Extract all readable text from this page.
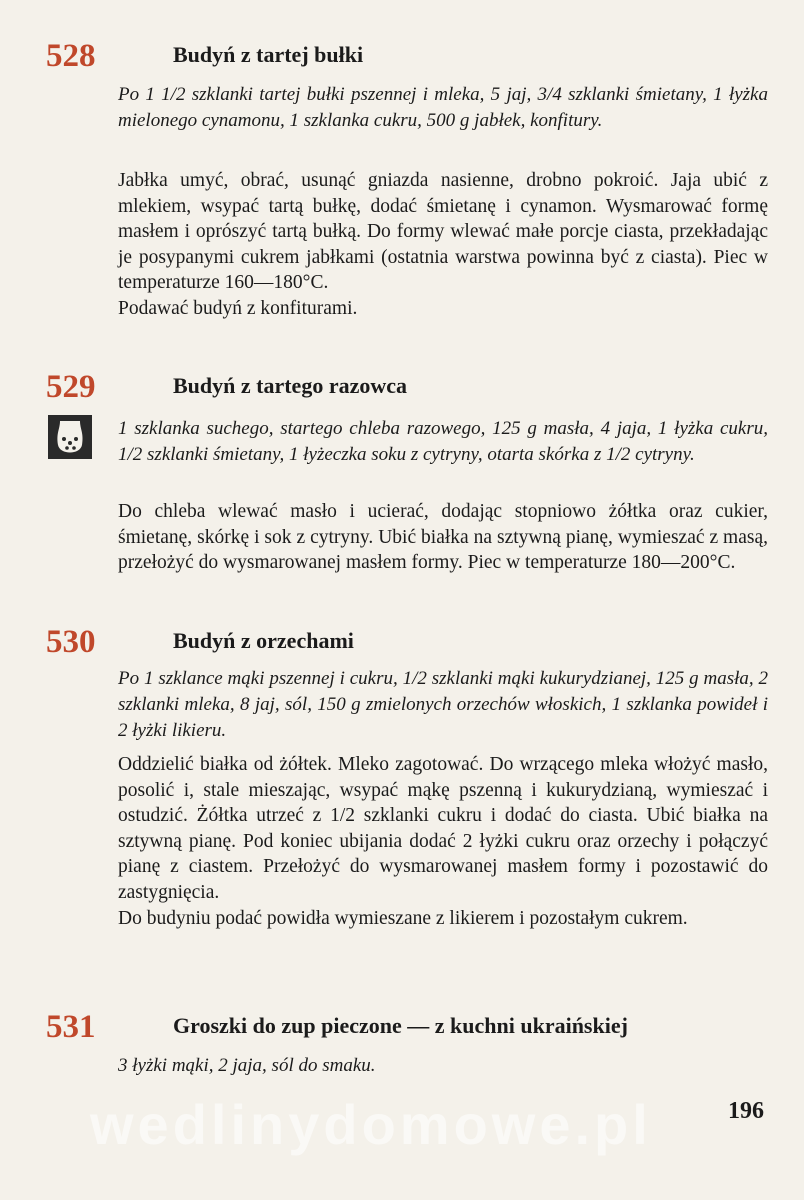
528	Budyń z tartej bułki
Po 1 1/2 szklanki tartej bułki pszennej i mleka, 5 jaj, 3/4 szklanki śmietany, 1 łyżka mielonego cynamonu, 1 szklanka cukru, 500 g jabłek, konfitury.

Jabłka umyć, obrać, usunąć gniazda nasienne, drobno pokroić. Jaja ubić z mlekiem, wsypać tartą bułkę, dodać śmietanę i cynamon. Wysmarować formę masłem i oprószyć tartą bułką. Do formy wlewać małe porcje ciasta, przekładając je posypanymi cukrem jabłkami (ostatnia warstwa powinna być z ciasta). Piec w temperaturze 160—180°C.

Podawać budyń z konfiturami.

529	Budyń z tartego razowca
1 szklanka suchego, startego chleba razowego, 125 g masła, 4 jaja, 1 łyżka cukru, 1/2 szklanki śmietany, 1 łyżeczka soku z cytryny, otarta skórka z 1/2 cytryny.

Do chleba wlewać masło i ucierać, dodając stopniowo żółtka oraz cukier, śmietanę, skórkę i sok z cytryny. Ubić białka na sztywną pianę, wymieszać z masą, przełożyć do wysmarowanej masłem formy. Piec w temperaturze 180—200°C.

530	Budyń z orzechami
Po 1 szklance mąki pszennej i cukru, 1/2 szklanki mąki kukurydzianej, 125 g masła, 2 szklanki mleka, 8 jaj, sól, 150 g zmielonych orzechów włoskich, 1 szklanka powideł i 2 łyżki likieru.

Oddzielić białka od żółtek. Mleko zagotować. Do wrzącego mleka włożyć masło, posolić i, stale mieszając, wsypać mąkę pszenną i kukurydzianą, wymieszać i ostudzić. Żółtka utrzeć z 1/2 szklanki cukru i dodać do ciasta. Ubić białka na sztywną pianę. Pod koniec ubijania dodać 2 łyżki cukru oraz orzechy i połączyć pianę z ciastem. Przełożyć do wysmarowanej masłem formy i pozostawić do zastygnięcia.

Do budyniu podać powidła wymieszane z likierem i pozostałym cukrem.

531	Groszki do zup pieczone — z kuchni ukraińskiej
3 łyżki mąki, 2 jaja, sól do smaku.
wedlinydomowe.pl	196
